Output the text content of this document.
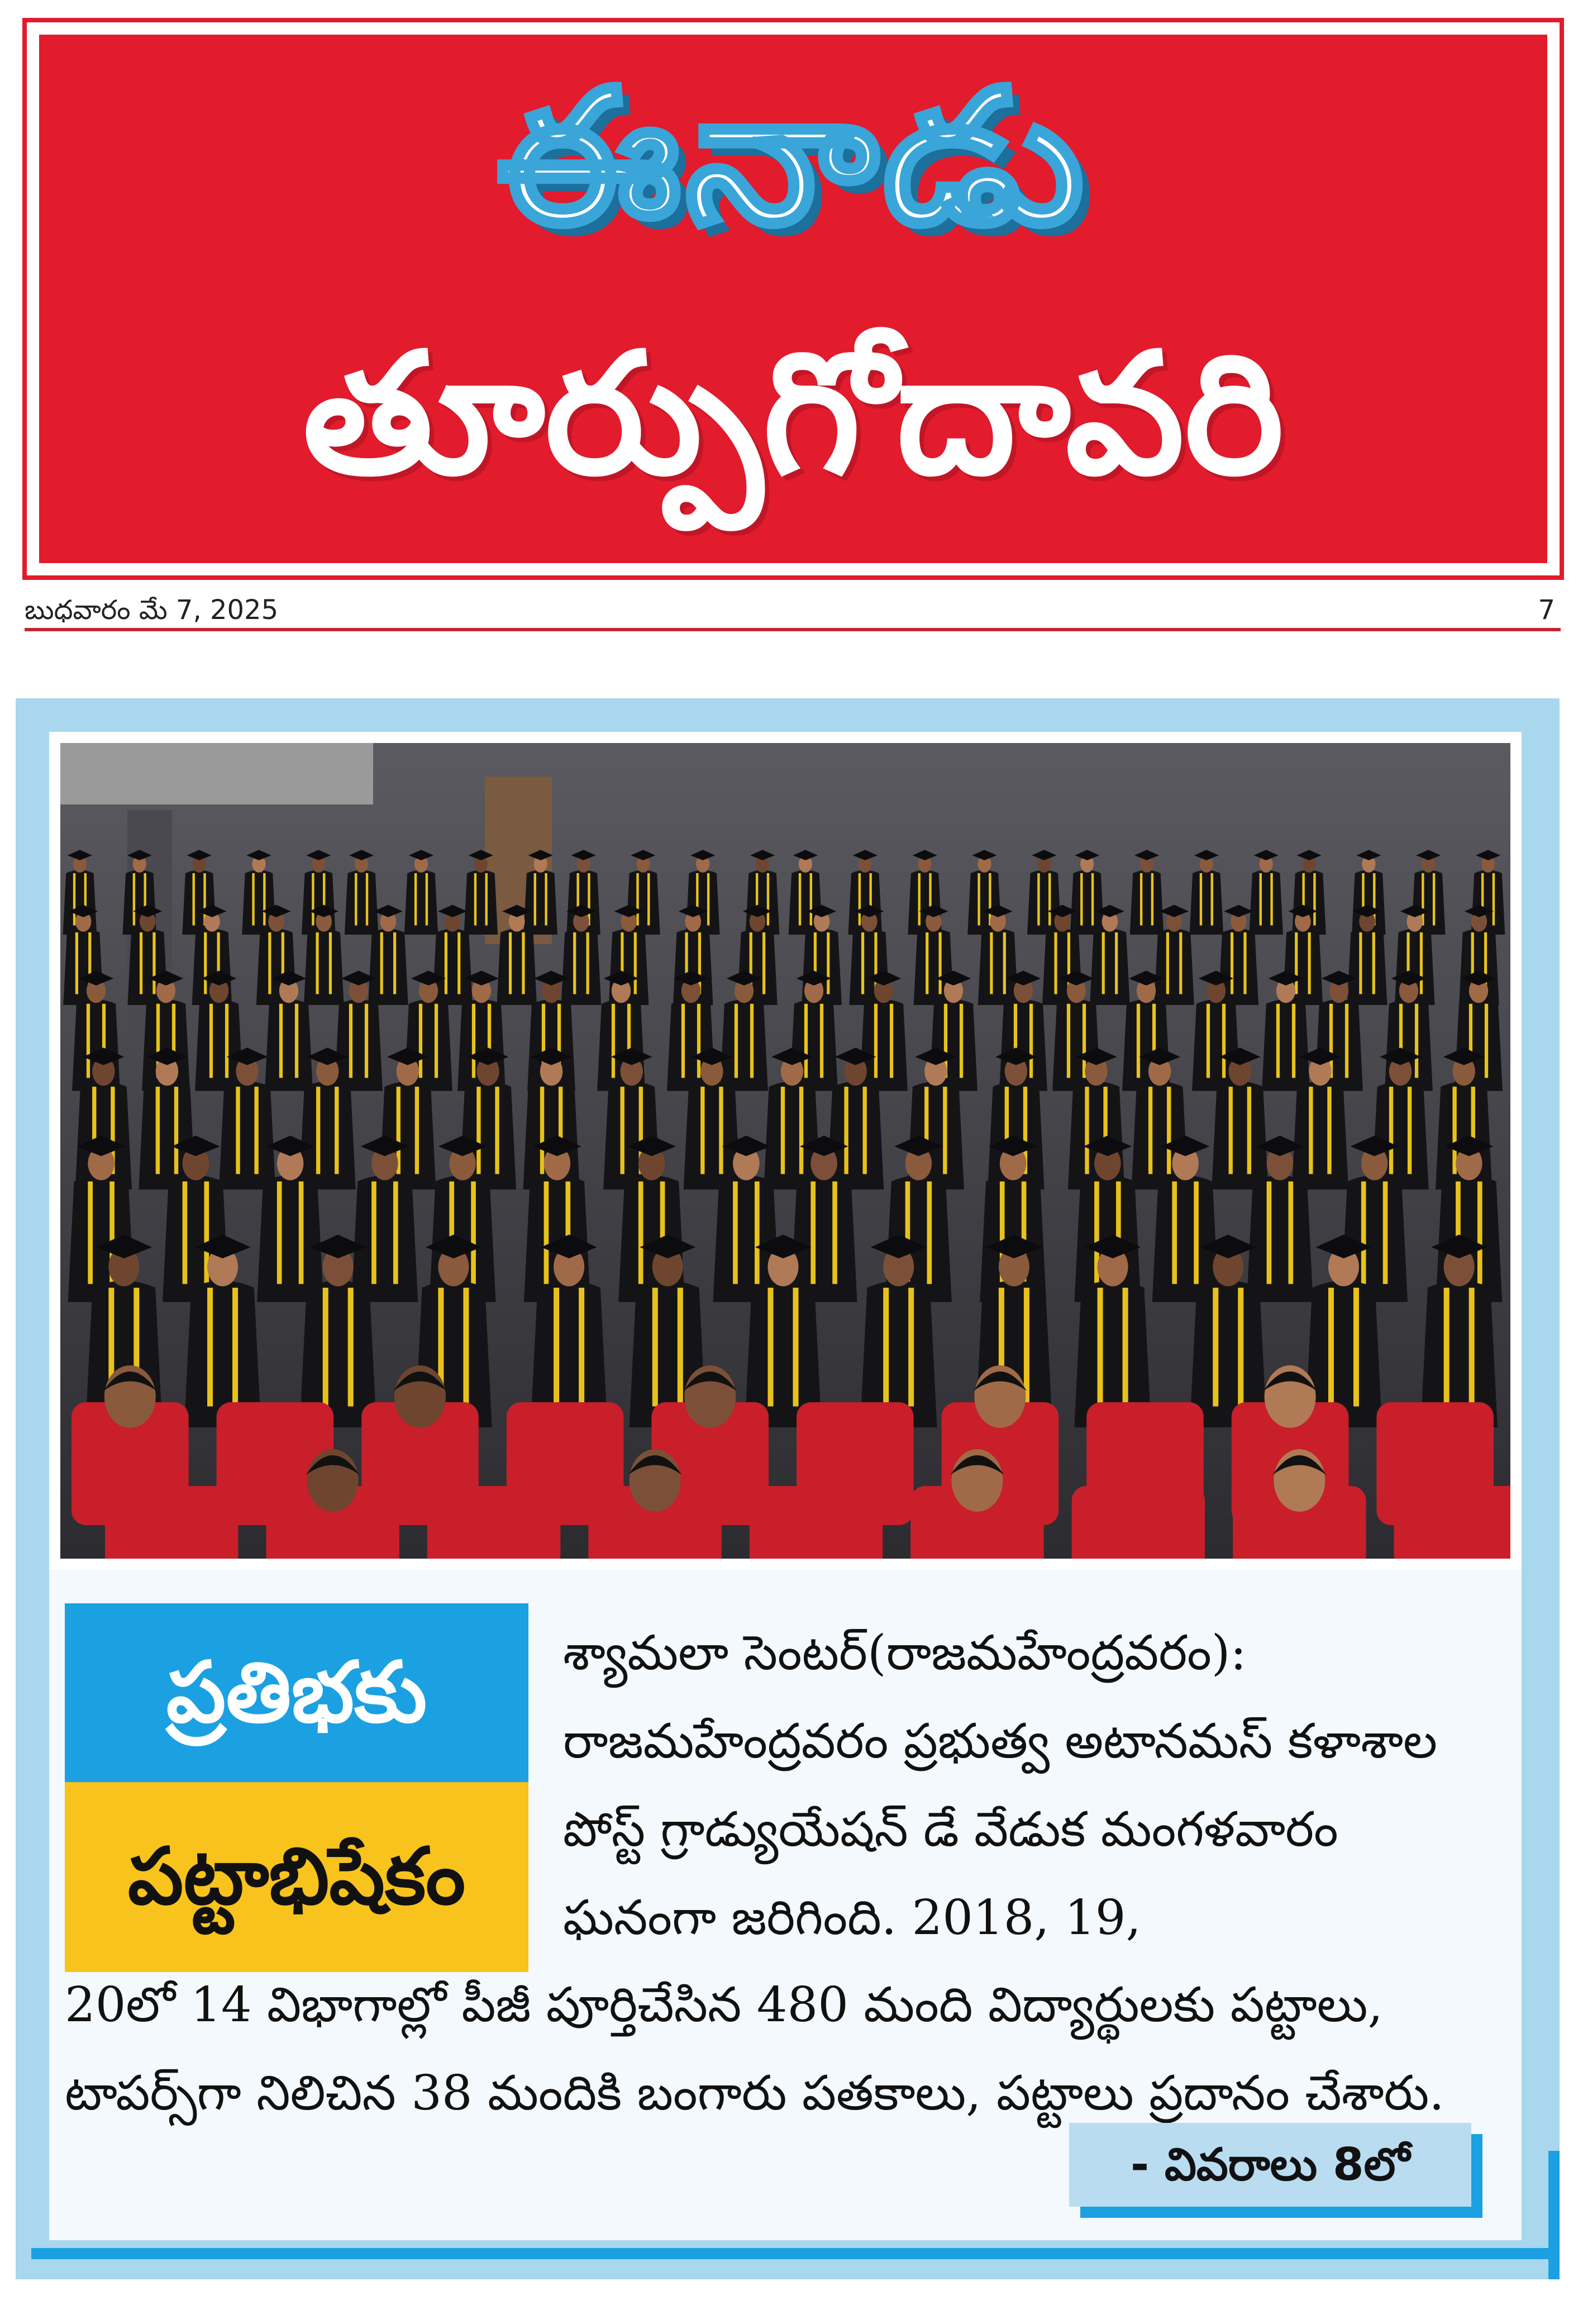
ఈనాడు
తూర్పుగోదావరి
బుధవారం మే 7, 2025	7
ప్రతిభకు
పట్టాభిషేకం
శ్యామలా సెంటర్(రాజమహేంద్రవరం): రాజమహేంద్రవరం ప్రభుత్వ అటానమస్ కళాశాల పోస్ట్ గ్రాడ్యుయేషన్ డే వేడుక మంగళవారం ఘనంగా జరిగింది. 2018, 19,
20లో 14 విభాగాల్లో పీజీ పూర్తిచేసిన 480 మంది విద్యార్థులకు పట్టాలు, టాపర్స్‌గా నిలిచిన 38 మందికి బంగారు పతకాలు, పట్టాలు ప్రదానం చేశారు.
- వివరాలు 8లో
